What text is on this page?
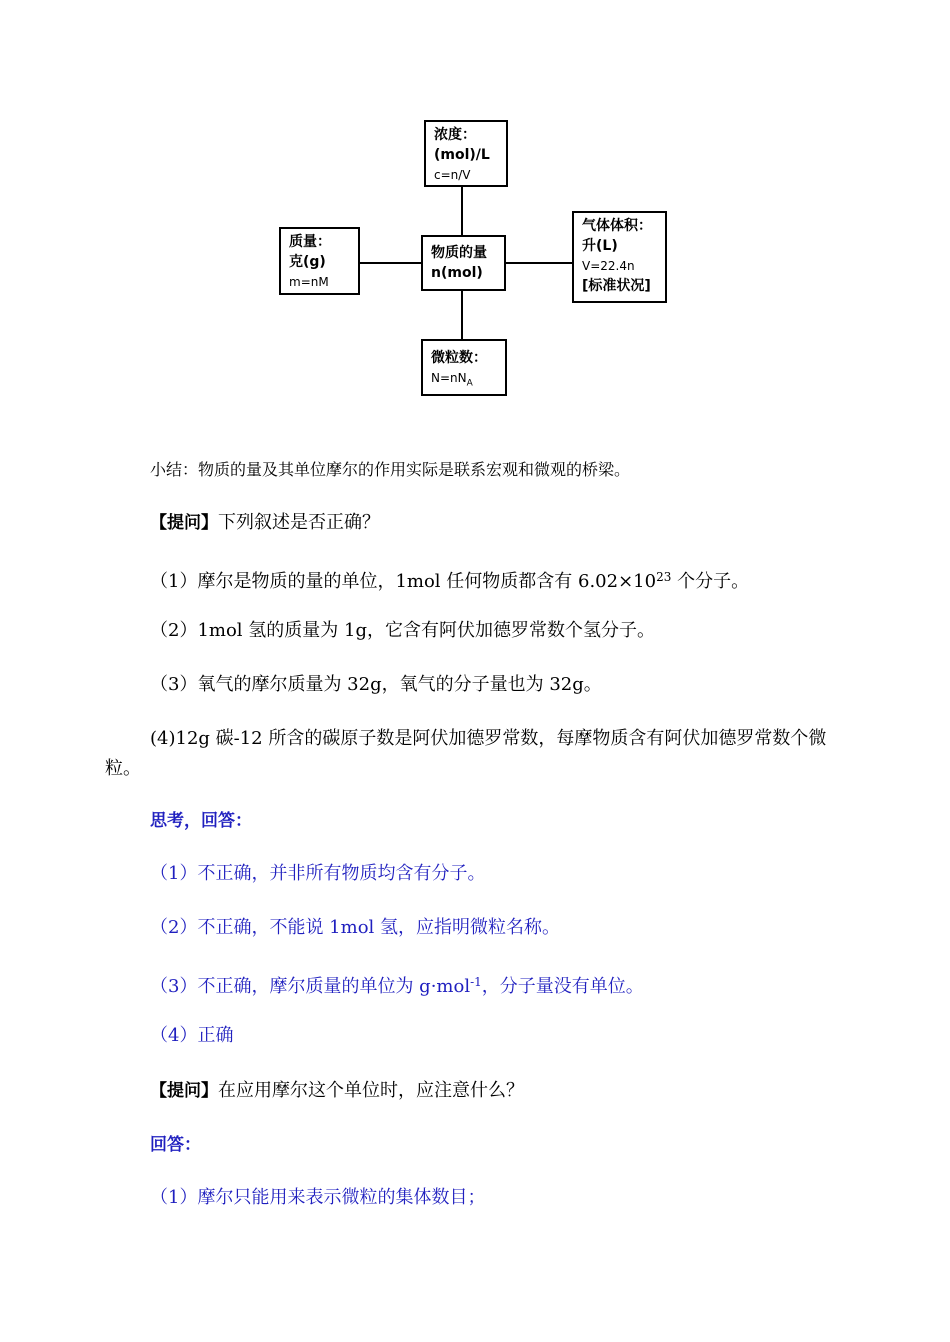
浓度：
(mol)/L
c=n/V
质量：
克(g)
m=nM
物质的量
n(mol)
气体体积：
升(L)
V=22.4n
[标准状况]
微粒数：
$N=nN_A$
小结：物质的量及其单位摩尔的作用实际是联系宏观和微观的桥梁。
【提问】下列叙述是否正确？
（1）摩尔是物质的量的单位，1mol 任何物质都含有 $6.02\times 10^{23}$ 个分子。
（2）1mol 氢的质量为 1g，它含有阿伏加德罗常数个氢分子。
（3）氧气的摩尔质量为 32g，氧气的分子量也为 32g。
(4)12g 碳-12 所含的碳原子数是阿伏加德罗常数，每摩物质含有阿伏加德罗常数个微粒。
思考，回答：
（1）不正确，并非所有物质均含有分子。
（2）不正确，不能说 1mol 氢，应指明微粒名称。
（3）不正确，摩尔质量的单位为 g·mol$^{-1}$，分子量没有单位。
（4）正确
【提问】在应用摩尔这个单位时，应注意什么？
回答：
（1）摩尔只能用来表示微粒的集体数目；
